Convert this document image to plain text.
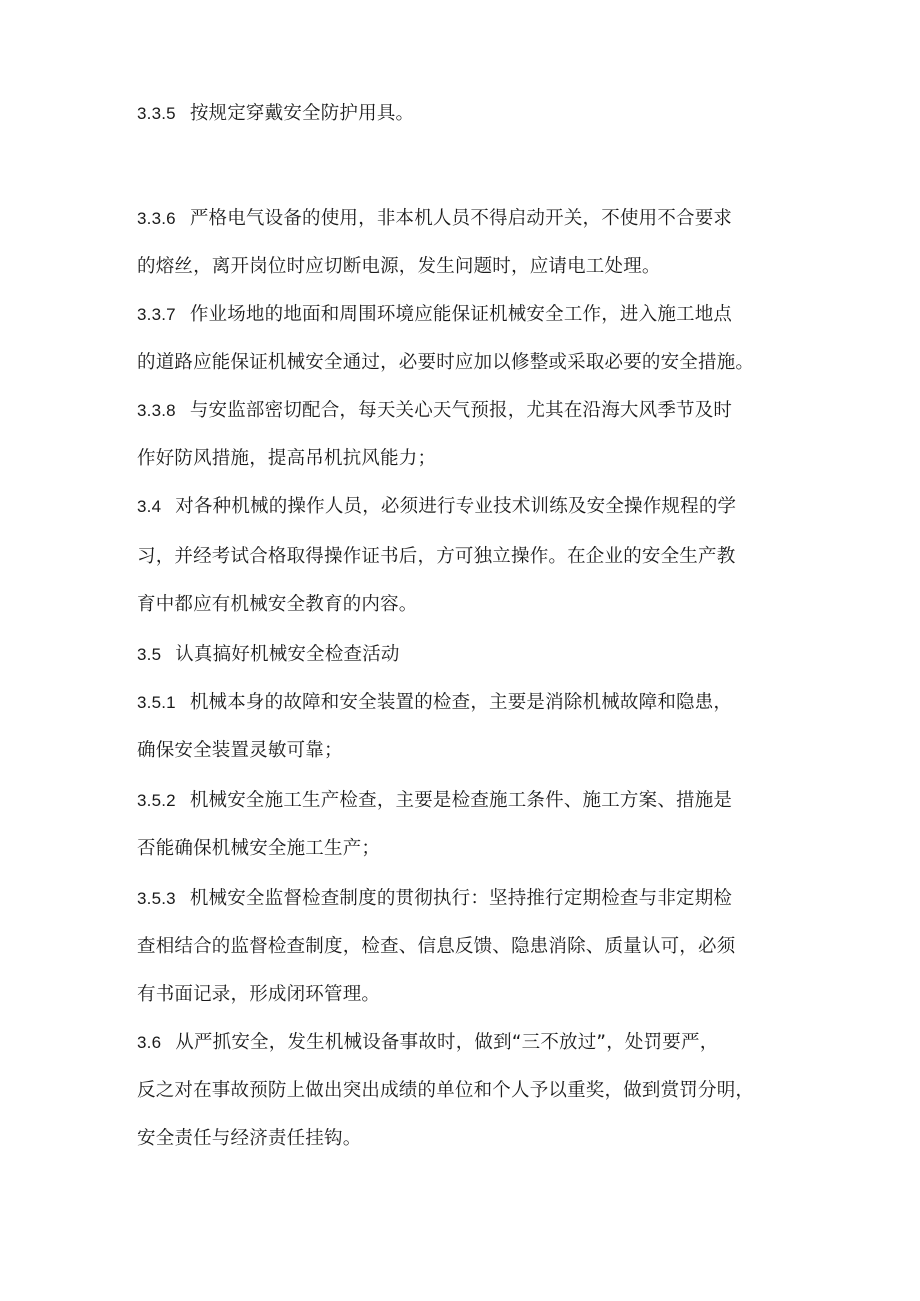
3.3.5 按规定穿戴安全防护用具。
3.3.6 严格电气设备的使用，非本机人员不得启动开关，不使用不合要求
的熔丝，离开岗位时应切断电源，发生问题时，应请电工处理。
3.3.7 作业场地的地面和周围环境应能保证机械安全工作，进入施工地点
的道路应能保证机械安全通过，必要时应加以修整或采取必要的安全措施。
3.3.8 与安监部密切配合，每天关心天气预报，尤其在沿海大风季节及时
作好防风措施，提高吊机抗风能力；
3.4 对各种机械的操作人员，必须进行专业技术训练及安全操作规程的学
习，并经考试合格取得操作证书后，方可独立操作。在企业的安全生产教
育中都应有机械安全教育的内容。
3.5 认真搞好机械安全检查活动
3.5.1 机械本身的故障和安全装置的检查，主要是消除机械故障和隐患，
确保安全装置灵敏可靠；
3.5.2 机械安全施工生产检查，主要是检查施工条件、施工方案、措施是
否能确保机械安全施工生产；
3.5.3 机械安全监督检查制度的贯彻执行：坚持推行定期检查与非定期检
查相结合的监督检查制度，检查、信息反馈、隐患消除、质量认可，必须
有书面记录，形成闭环管理。
3.6 从严抓安全，发生机械设备事故时，做到“三不放过”，处罚要严，
反之对在事故预防上做出突出成绩的单位和个人予以重奖，做到赏罚分明，
安全责任与经济责任挂钩。
